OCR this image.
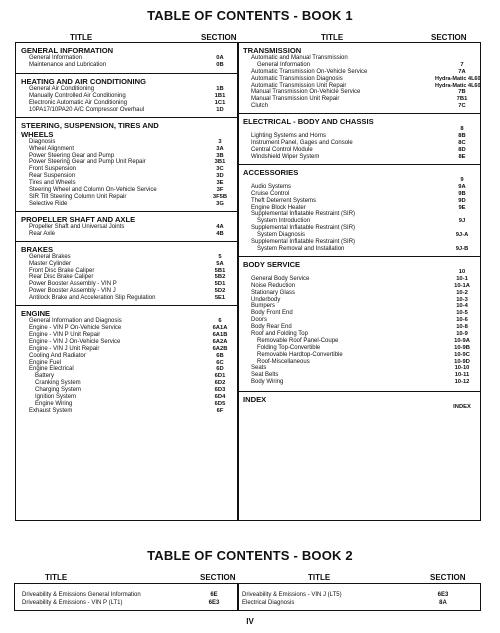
TABLE OF CONTENTS - BOOK 1
TITLE	SECTION	TITLE	SECTION
GENERAL INFORMATION
General Information	0A
Maintenance and Lubrication	0B
HEATING AND AIR CONDITIONING
General Air Conditioning	1B
Manually Controlled Air Conditioning	1B1
Electronic Automatic Air Conditioning	1C1
10PA17/10PA20 A/C Compressor Overhaul	1D
STEERING, SUSPENSION, TIRES AND WHEELS
Diagnosis	3
Wheel Alignment	3A
Power Steering Gear and Pump	3B
Power Steering Gear and Pump Unit Repair	3B1
Front Suspension	3C
Rear Suspension	3D
Tires and Wheels	3E
Steering Wheel and Column On-Vehicle Service	3F
SIR Tilt Steering Column Unit Repair	3F5B
Selective Ride	3G
PROPELLER SHAFT AND AXLE
Propeller Shaft and Universal Joints	4A
Rear Axle	4B
BRAKES
General Brakes	5
Master Cylinder	5A
Front Disc Brake Caliper	5B1
Rear Disc Brake Caliper	5B2
Power Booster Assembly - VIN P	5D1
Power Booster Assembly - VIN J	5D2
Antilock Brake and Acceleration Slip Regulation	5E1
ENGINE
General Information and Diagnosis	6
Engine - VIN P On-Vehicle Service	6A1A
Engine - VIN P Unit Repair	6A1B
Engine - VIN J On-Vehicle Service	6A2A
Engine - VIN J Unit Repair	6A2B
Cooling And Radiator	6B
Engine Fuel	6C
Engine Electrical	6D
Battery	6D1
Cranking System	6D2
Charging System	6D3
Ignition System	6D4
Engine Wiring	6D5
Exhaust System	6F
TRANSMISSION
Automatic and Manual Transmission
General Information	7
Automatic Transmission On-Vehicle Service	7A
Automatic Transmission Diagnosis	Hydra-Matic 4L60
Automatic Transmission Unit Repair	Hydra-Matic 4L60
Manual Transmission On-Vehicle Service	7B
Manual Transmission Unit Repair	7B1
Clutch	7C
ELECTRICAL - BODY AND CHASSIS
8
Lighting Systems and Horns	8B
Instrument Panel, Gages and Console	8C
Central Control Module	8D
Windshield Wiper System	8E
ACCESSORIES
9
Audio Systems	9A
Cruise Control	9B
Theft Deterrent Systems	9D
Engine Block Heater	9E
Supplemental Inflatable Restraint (SIR)
System Introduction	9J
Supplemental Inflatable Restraint (SIR)
System Diagnosis	9J-A
Supplemental Inflatable Restraint (SIR)
System Removal and Installation	9J-B
BODY SERVICE
10
General Body Service	10-1
Noise Reduction	10-1A
Stationary Glass	10-2
Underbody	10-3
Bumpers	10-4
Body Front End	10-5
Doors	10-6
Body Rear End	10-8
Roof and Folding Top	10-9
Removable Roof Panel-Coupe	10-9A
Folding Top-Convertible	10-9B
Removable Hardtop-Convertible	10-9C
Roof-Miscellaneous	10-9D
Seats	10-10
Seat Belts	10-11
Body Wiring	10-12
INDEX
INDEX
TABLE OF CONTENTS - BOOK 2
TITLE	SECTION	TITLE	SECTION
Driveability & Emissions General Information	6E
Driveability & Emissions - VIN P (LT1)	6E3
Driveability & Emissions - VIN J (LT5)	6E3
Electrical Diagnosis	8A
IV
